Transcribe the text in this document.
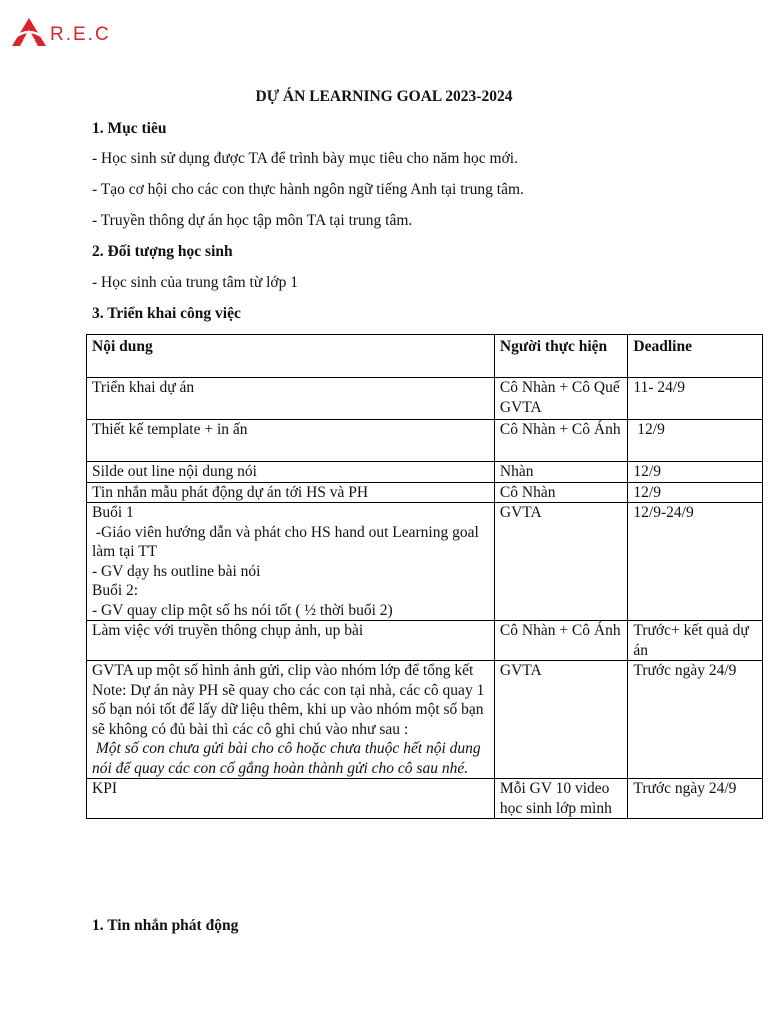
R.E.C
DỰ ÁN LEARNING GOAL 2023-2024
1. Mục tiêu
- Học sinh sử dụng được TA để trình bày mục tiêu cho năm học mới.
- Tạo cơ hội cho các con thực hành ngôn ngữ tiếng Anh tại trung tâm.
- Truyền thông dự án học tập môn TA tại trung tâm.
2. Đối tượng học sinh
- Học sinh của trung tâm từ lớp 1
3. Triển khai công việc
Nội dung	Người thực hiện	Deadline
Triển khai dự án	Cô Nhàn + Cô Quế GVTA	11- 24/9
Thiết kế template + in ấn	Cô Nhàn + Cô Ánh	12/9
Silde out line nội dung nói	Nhàn	12/9
Tin nhắn mẫu phát động dự án tới HS và PH	Cô Nhàn	12/9

Buổi 1
-Giáo viên hướng dẫn và phát cho HS hand out Learning goal làm tại TT
- GV dạy hs outline bài nói
Buổi 2:
- GV quay clip một số hs nói tốt ( ½ thời buổi 2)	GVTA	12/9-24/9
Làm việc với truyền thông chụp ảnh, up bài	Cô Nhàn + Cô Ánh	Trước+ kết quả dự án

GVTA up một số hình ảnh gửi, clip vào nhóm lớp để tổng kết
Note: Dự án này PH sẽ quay cho các con tại nhà, các cô quay 1 số bạn nói tốt để lấy dữ liệu thêm, khi up vào nhóm một số bạn sẽ không có đủ bài thì các cô ghi chú vào như sau :
Một số con chưa gửi bài cho cô hoặc chưa thuộc hết nội dung nói để quay các con cố gắng hoàn thành gửi cho cô sau nhé.	GVTA	Trước ngày 24/9
KPI	Mỗi GV 10 video học sinh lớp mình	Trước ngày 24/9
1. Tin nhắn phát động
